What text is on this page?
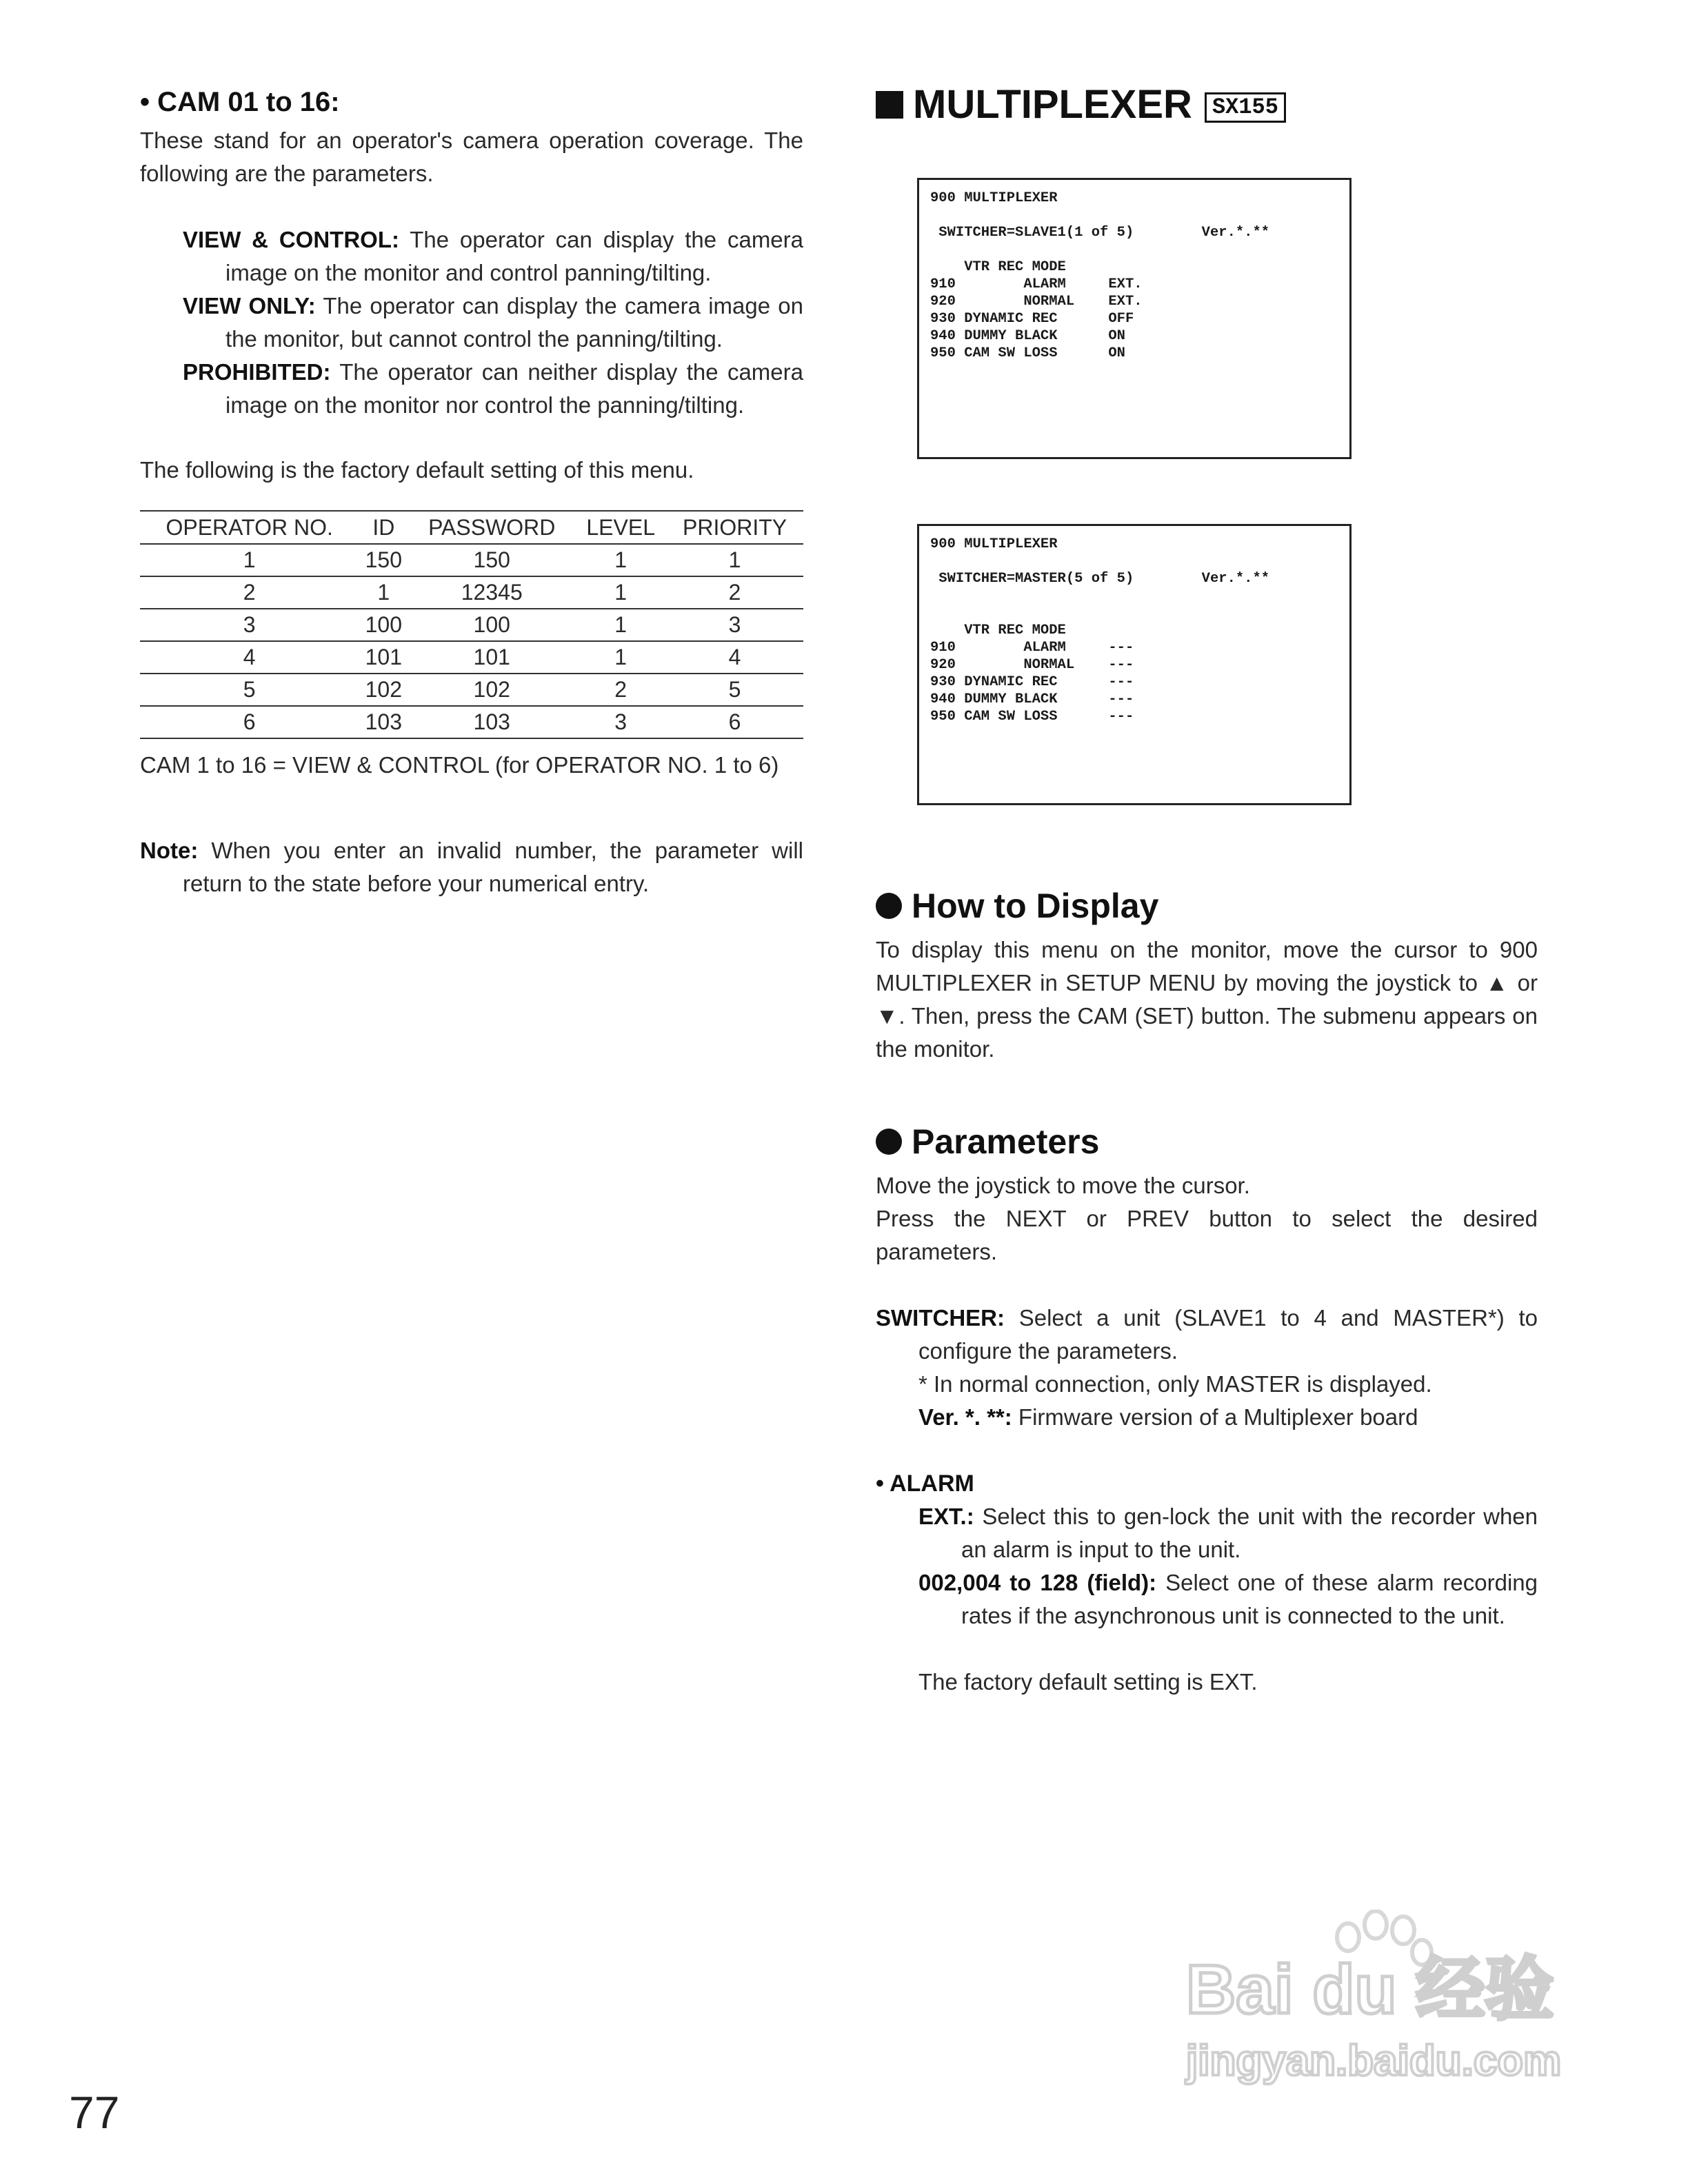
• CAM 01 to 16:

These stand for an operator's camera operation coverage. The following are the parameters.

VIEW & CONTROL: The operator can display the camera image on the monitor and control panning/tilting.

VIEW ONLY: The operator can display the camera image on the monitor, but cannot control the panning/tilting.

PROHIBITED: The operator can neither display the camera image on the monitor nor control the panning/tilting.

The following is the factory default setting of this menu.

OPERATOR NO.	ID	PASSWORD	LEVEL	PRIORITY
1	150	150	1	1
2	1	12345	1	2
3	100	100	1	3
4	101	101	1	4
5	102	102	2	5
6	103	103	3	6

CAM 1 to 16 = VIEW & CONTROL (for OPERATOR NO. 1 to 6)

Note: When you enter an invalid number, the parameter will return to the state before your numerical entry.

MULTIPLEXER SX155
900 MULTIPLEXER
SWITCHER=SLAVE1(1 of 5)        Ver.*.**
VTR REC MODE
910        ALARM     EXT.
920        NORMAL    EXT.
930 DYNAMIC REC      OFF
940 DUMMY BLACK      ON
950 CAM SW LOSS      ON
900 MULTIPLEXER
SWITCHER=MASTER(5 of 5)        Ver.*.**
VTR REC MODE
910        ALARM     ---
920        NORMAL    ---
930 DYNAMIC REC      ---
940 DUMMY BLACK      ---
950 CAM SW LOSS      ---
How to Display

To display this menu on the monitor, move the cursor to 900 MULTIPLEXER in SETUP MENU by moving the joystick to ▲ or ▼. Then, press the CAM (SET) button. The submenu appears on the monitor.

Parameters

Move the joystick to move the cursor.

Press the NEXT or PREV button to select the desired parameters.

SWITCHER: Select a unit (SLAVE1 to 4 and MASTER*) to configure the parameters.

* In normal connection, only MASTER is displayed.

Ver. *. **: Firmware version of a Multiplexer board

• ALARM

EXT.: Select this to gen-lock the unit with the recorder when an alarm is input to the unit.

002,004 to 128 (field): Select one of these alarm recording rates if the asynchronous unit is connected to the unit.

The factory default setting is EXT.

77
Bai du 经验
jingyan.baidu.com
